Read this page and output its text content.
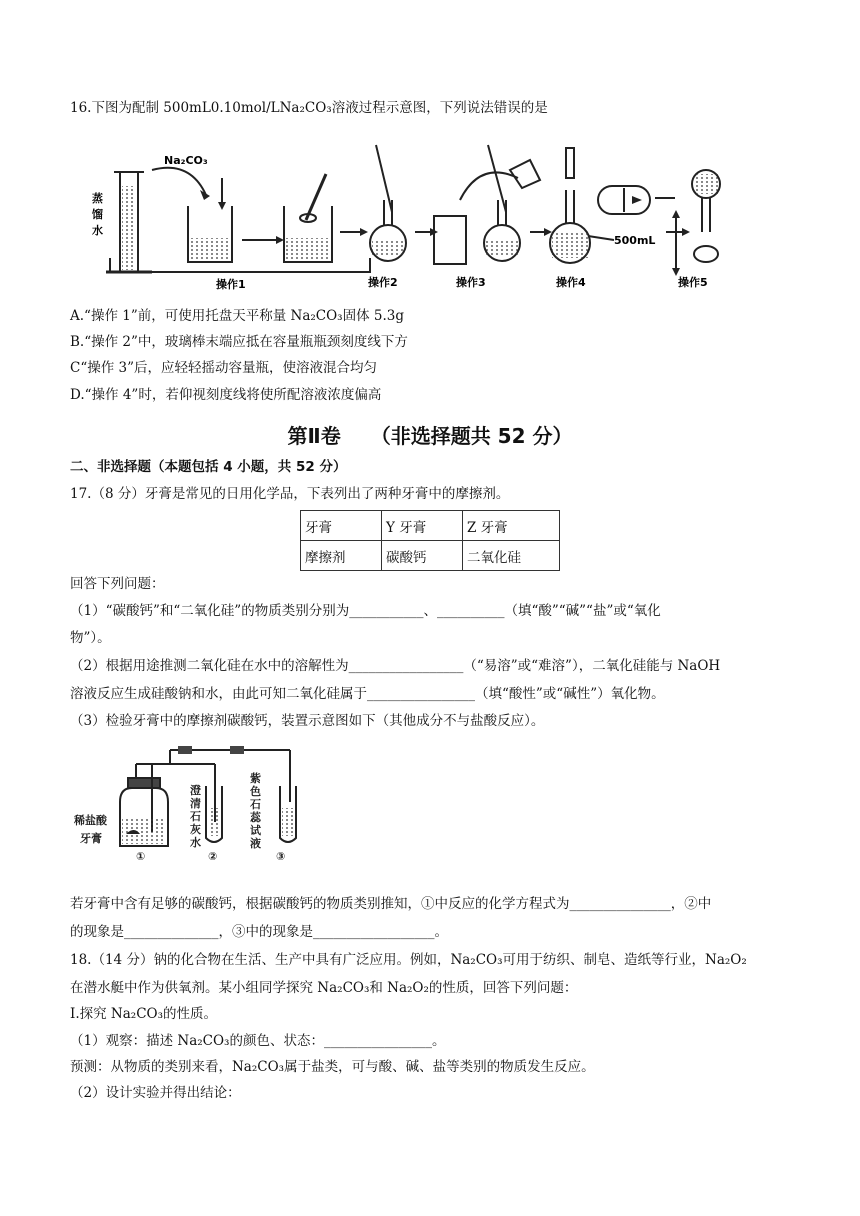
16.下图为配制 500mL0.10mol/LNa₂CO₃溶液过程示意图，下列说法错误的是
Na₂CO₃
蒸
馏
水
操作1	操作2	操作3	操作4	操作5
500mL
A.“操作 1”前，可使用托盘天平称量 Na₂CO₃固体 5.3g
B.“操作 2”中，玻璃棒末端应抵在容量瓶瓶颈刻度线下方
C“操作 3”后，应轻轻摇动容量瓶，使溶液混合均匀
D.“操作 4”时，若仰视刻度线将使所配溶液浓度偏高
第Ⅱ卷　　（非选择题共 52 分）
二、非选择题（本题包括 4 小题，共 52 分）
17.（8 分）牙膏是常见的日用化学品，下表列出了两种牙膏中的摩擦剂。
牙膏	Y 牙膏	Z 牙膏
摩擦剂	碳酸钙	二氧化硅
回答下列问题：
（1）“碳酸钙”和“二氧化硅”的物质类别分别为___________、__________（填“酸”“碱”“盐”或“氧化
物”）。
（2）根据用途推测二氧化硅在水中的溶解性为_________________（“易溶”或“难溶”），二氧化硅能与 NaOH
溶液反应生成硅酸钠和水，由此可知二氧化硅属于________________（填“酸性”或“碱性”）氧化物。
（3）检验牙膏中的摩擦剂碳酸钙，装置示意图如下（其他成分不与盐酸反应）。
稀盐酸
牙膏
澄
清
石
灰
水
紫
色
石
蕊
试
液
①	②	③
若牙膏中含有足够的碳酸钙，根据碳酸钙的物质类别推知，①中反应的化学方程式为_______________，②中
的现象是______________，③中的现象是__________________。
18.（14 分）钠的化合物在生活、生产中具有广泛应用。例如，Na₂CO₃可用于纺织、制皂、造纸等行业，Na₂O₂
在潜水艇中作为供氧剂。某小组同学探究 Na₂CO₃和 Na₂O₂的性质，回答下列问题：
I.探究 Na₂CO₃的性质。
（1）观察：描述 Na₂CO₃的颜色、状态：________________。
预测：从物质的类别来看，Na₂CO₃属于盐类，可与酸、碱、盐等类别的物质发生反应。
（2）设计实验并得出结论：
